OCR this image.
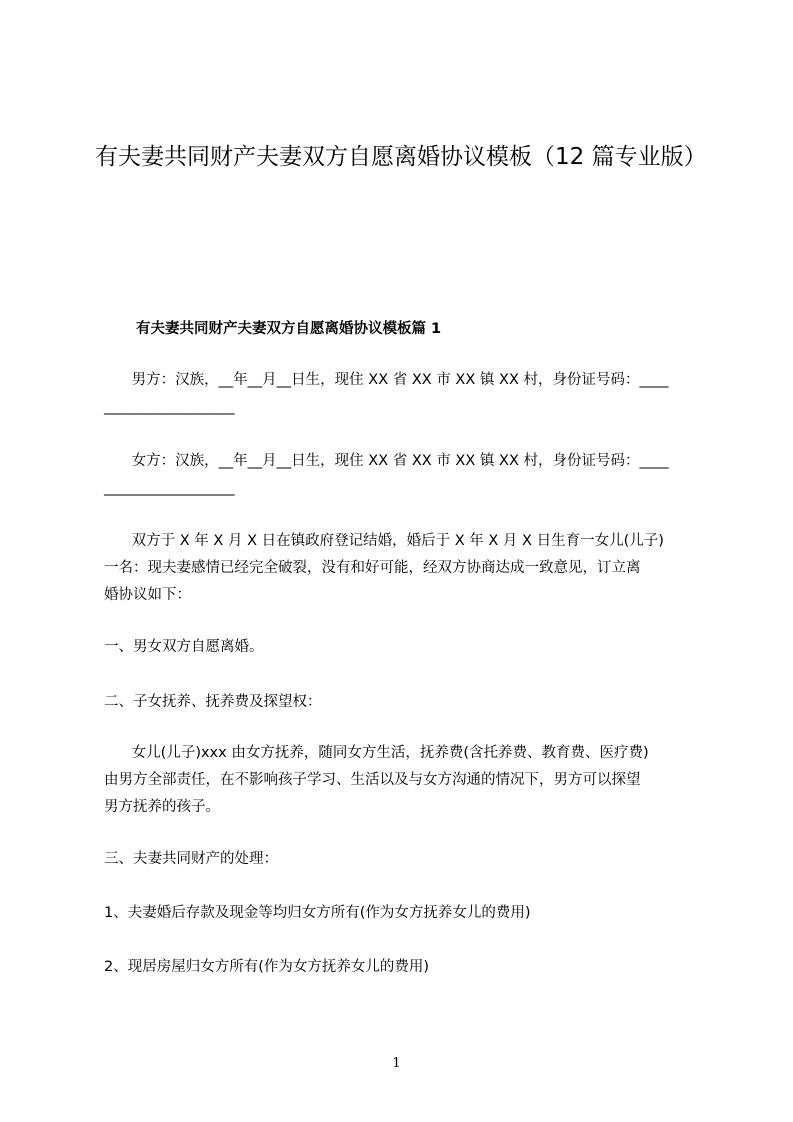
有夫妻共同财产夫妻双方自愿离婚协议模板（12 篇专业版）
有夫妻共同财产夫妻双方自愿离婚协议模板篇 1
男方：汉族，__年__月__日生，现住 XX 省 XX 市 XX 镇 XX 村，身份证号码：____
__________________
女方：汉族，__年__月__日生，现住 XX 省 XX 市 XX 镇 XX 村，身份证号码：____
__________________
双方于 X 年 X 月 X 日在镇政府登记结婚，婚后于 X 年 X 月 X 日生育一女儿(儿子)
一名：现夫妻感情已经完全破裂，没有和好可能，经双方协商达成一致意见，订立离
婚协议如下：
一、男女双方自愿离婚。
二、子女抚养、抚养费及探望权：
女儿(儿子)xxx 由女方抚养，随同女方生活，抚养费(含托养费、教育费、医疗费)
由男方全部责任，在不影响孩子学习、生活以及与女方沟通的情况下，男方可以探望
男方抚养的孩子。
三、夫妻共同财产的处理：
1、夫妻婚后存款及现金等均归女方所有(作为女方抚养女儿的费用)
2、现居房屋归女方所有(作为女方抚养女儿的费用)
1
